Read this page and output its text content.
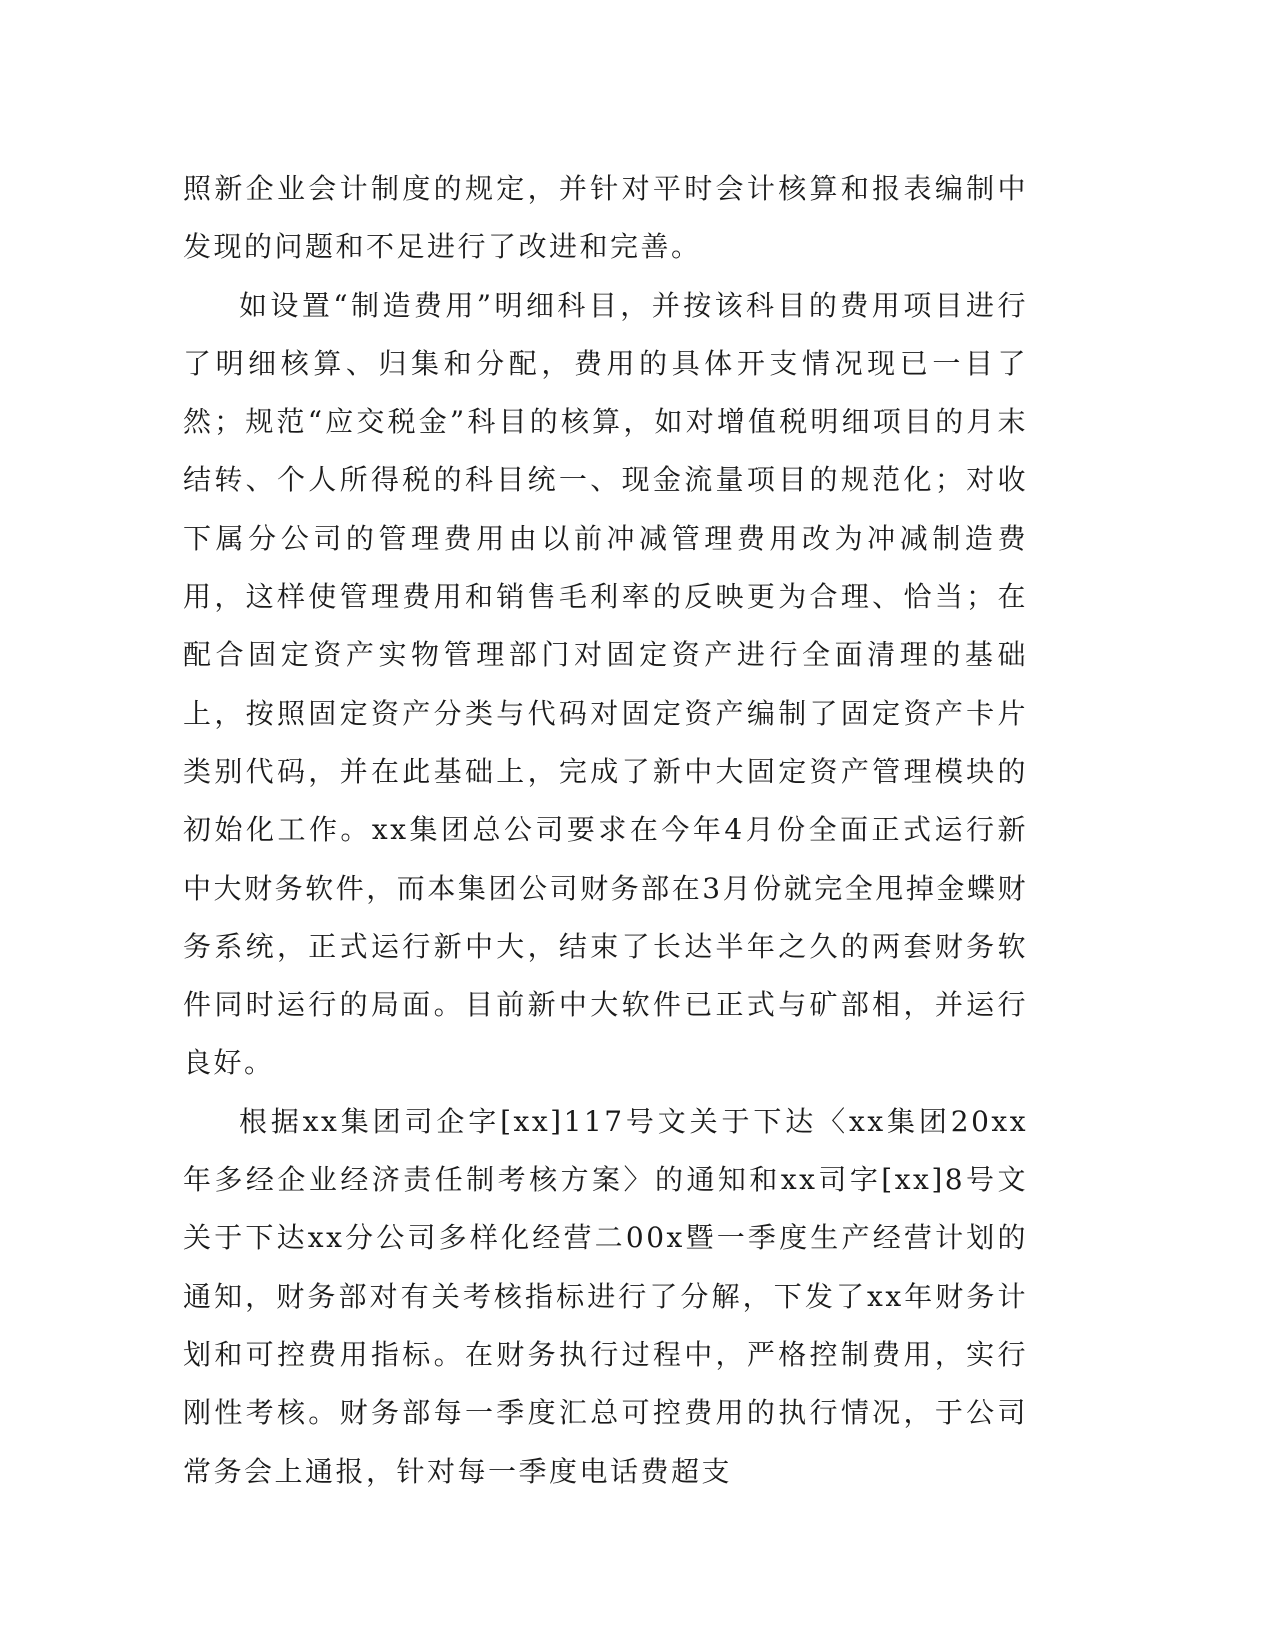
照新企业会计制度的规定，并针对平时会计核算和报表编制中发现的问题和不足进行了改进和完善。

如设置“制造费用”明细科目，并按该科目的费用项目进行了明细核算、归集和分配，费用的具体开支情况现已一目了然；规范“应交税金”科目的核算，如对增值税明细项目的月末结转、个人所得税的科目统一、现金流量项目的规范化；对收下属分公司的管理费用由以前冲减管理费用改为冲减制造费用，这样使管理费用和销售毛利率的反映更为合理、恰当；在配合固定资产实物管理部门对固定资产进行全面清理的基础上，按照固定资产分类与代码对固定资产编制了固定资产卡片类别代码，并在此基础上，完成了新中大固定资产管理模块的初始化工作。xx集团总公司要求在今年4月份全面正式运行新中大财务软件，而本集团公司财务部在3月份就完全甩掉金蝶财务系统，正式运行新中大，结束了长达半年之久的两套财务软件同时运行的局面。目前新中大软件已正式与矿部相，并运行良好。

根据xx集团司企字[xx]117号文关于下达〈xx集团20xx年多经企业经济责任制考核方案〉的通知和xx司字[xx]8号文关于下达xx分公司多样化经营二00x暨一季度生产经营计划的通知，财务部对有关考核指标进行了分解，下发了xx年财务计划和可控费用指标。在财务执行过程中，严格控制费用，实行刚性考核。财务部每一季度汇总可控费用的执行情况，于公司常务会上通报，针对每一季度电话费超支
